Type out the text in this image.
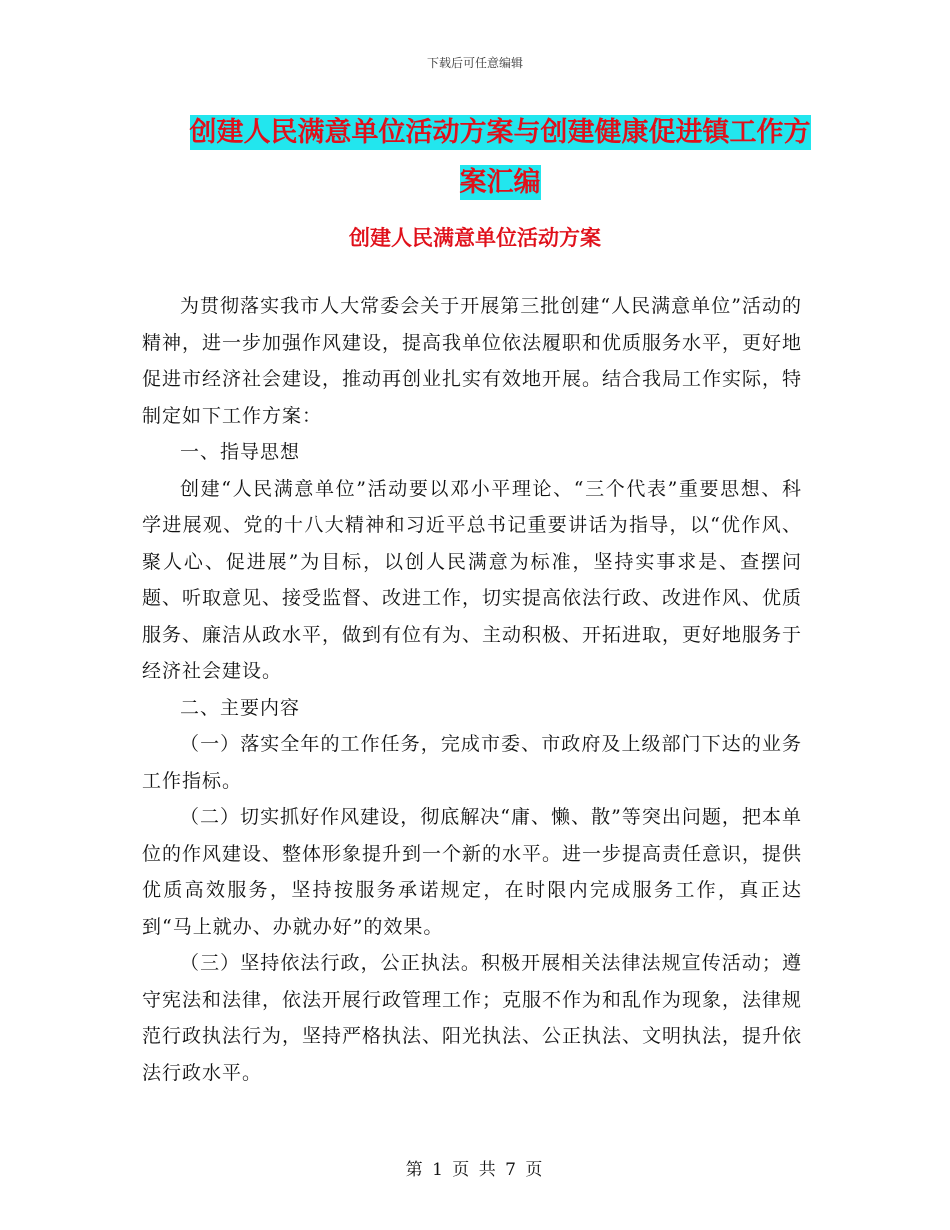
下载后可任意编辑
创建人民满意单位活动方案与创建健康促进镇工作方
案汇编
创建人民满意单位活动方案

为贯彻落实我市人大常委会关于开展第三批创建“人民满意单位”活动的精神，进一步加强作风建设，提高我单位依法履职和优质服务水平，更好地促进市经济社会建设，推动再创业扎实有效地开展。结合我局工作实际，特制定如下工作方案：

一、指导思想

创建“人民满意单位”活动要以邓小平理论、“三个代表”重要思想、科学进展观、党的十八大精神和习近平总书记重要讲话为指导，以“优作风、聚人心、促进展”为目标，以创人民满意为标准，坚持实事求是、查摆问题、听取意见、接受监督、改进工作，切实提高依法行政、改进作风、优质服务、廉洁从政水平，做到有位有为、主动积极、开拓进取，更好地服务于经济社会建设。

二、主要内容

（一）落实全年的工作任务，完成市委、市政府及上级部门下达的业务工作指标。

（二）切实抓好作风建设，彻底解决“庸、懒、散”等突出问题，把本单位的作风建设、整体形象提升到一个新的水平。进一步提高责任意识，提供优质高效服务，坚持按服务承诺规定，在时限内完成服务工作，真正达到“马上就办、办就办好”的效果。

（三）坚持依法行政，公正执法。积极开展相关法律法规宣传活动；遵守宪法和法律，依法开展行政管理工作；克服不作为和乱作为现象，法律规范行政执法行为，坚持严格执法、阳光执法、公正执法、文明执法，提升依法行政水平。

第 1 页 共 7 页
